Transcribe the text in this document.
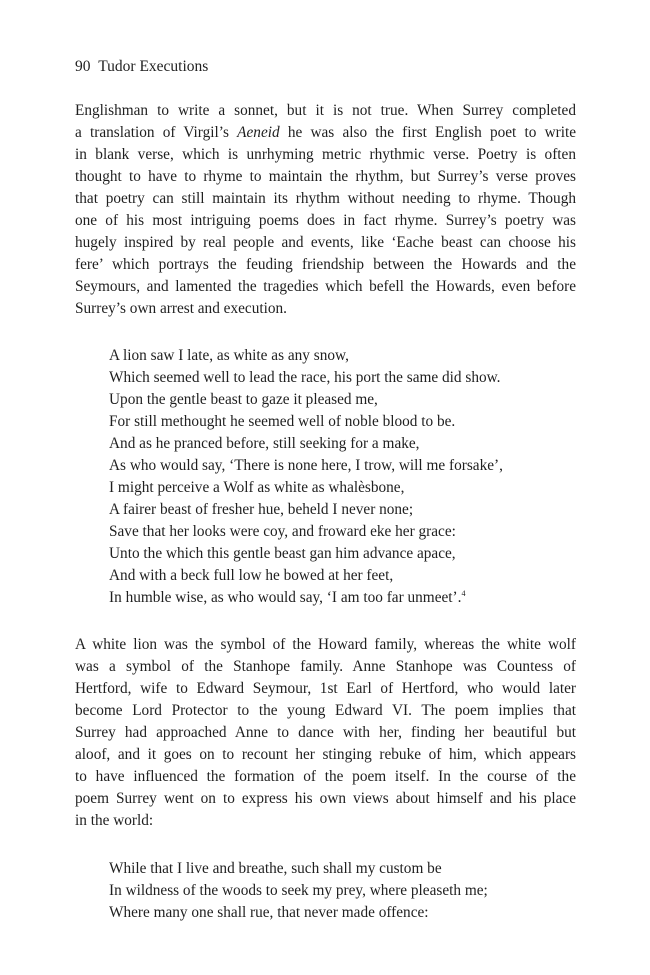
90 Tudor Executions
Englishman to write a sonnet, but it is not true. When Surrey completed
a translation of Virgil’s Aeneid he was also the first English poet to write
in blank verse, which is unrhyming metric rhythmic verse. Poetry is often
thought to have to rhyme to maintain the rhythm, but Surrey’s verse proves
that poetry can still maintain its rhythm without needing to rhyme. Though
one of his most intriguing poems does in fact rhyme. Surrey’s poetry was
hugely inspired by real people and events, like ‘Eache beast can choose his
fere’ which portrays the feuding friendship between the Howards and the
Seymours, and lamented the tragedies which befell the Howards, even before
Surrey’s own arrest and execution.
A lion saw I late, as white as any snow,
Which seemed well to lead the race, his port the same did show.
Upon the gentle beast to gaze it pleased me,
For still methought he seemed well of noble blood to be.
And as he pranced before, still seeking for a make,
As who would say, ‘There is none here, I trow, will me forsake’,
I might perceive a Wolf as white as whalèsbone,
A fairer beast of fresher hue, beheld I never none;
Save that her looks were coy, and froward eke her grace:
Unto the which this gentle beast gan him advance apace,
And with a beck full low he bowed at her feet,
In humble wise, as who would say, ‘I am too far unmeet’.$^4$
A white lion was the symbol of the Howard family, whereas the white wolf
was a symbol of the Stanhope family. Anne Stanhope was Countess of
Hertford, wife to Edward Seymour, 1st Earl of Hertford, who would later
become Lord Protector to the young Edward VI. The poem implies that
Surrey had approached Anne to dance with her, finding her beautiful but
aloof, and it goes on to recount her stinging rebuke of him, which appears
to have influenced the formation of the poem itself. In the course of the
poem Surrey went on to express his own views about himself and his place
in the world:
While that I live and breathe, such shall my custom be
In wildness of the woods to seek my prey, where pleaseth me;
Where many one shall rue, that never made offence:
